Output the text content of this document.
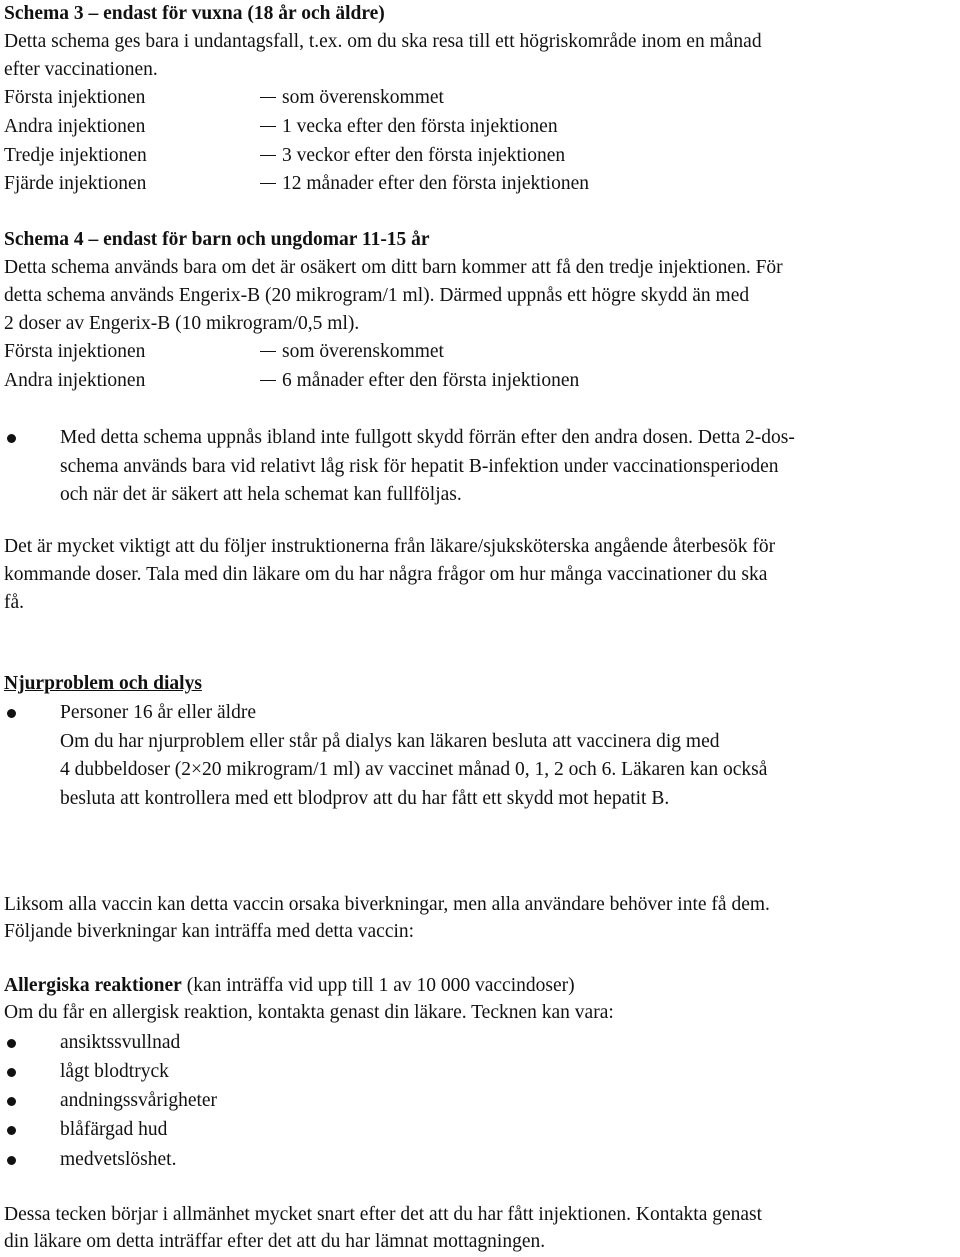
Schema 3 – endast för vuxna (18 år och äldre)
Detta schema ges bara i undantagsfall, t.ex. om du ska resa till ett högriskområde inom en månad
efter vaccinationen.
Första injektionen	som överenskommet
Andra injektionen	1 vecka efter den första injektionen
Tredje injektionen	3 veckor efter den första injektionen
Fjärde injektionen	12 månader efter den första injektionen
Schema 4 – endast för barn och ungdomar 11-15 år
Detta schema används bara om det är osäkert om ditt barn kommer att få den tredje injektionen. För
detta schema används Engerix-B (20 mikrogram/1 ml). Därmed uppnås ett högre skydd än med
2 doser av Engerix-B (10 mikrogram/0,5 ml).
Första injektionen	som överenskommet
Andra injektionen	6 månader efter den första injektionen
Med detta schema uppnås ibland inte fullgott skydd förrän efter den andra dosen. Detta 2-dos-
schema används bara vid relativt låg risk för hepatit B-infektion under vaccinationsperioden
och när det är säkert att hela schemat kan fullföljas.
Det är mycket viktigt att du följer instruktionerna från läkare/sjuksköterska angående återbesök för
kommande doser. Tala med din läkare om du har några frågor om hur många vaccinationer du ska
få.
Njurproblem och dialys
Personer 16 år eller äldre
Om du har njurproblem eller står på dialys kan läkaren besluta att vaccinera dig med
4 dubbeldoser (2×20 mikrogram/1 ml) av vaccinet månad 0, 1, 2 och 6. Läkaren kan också
besluta att kontrollera med ett blodprov att du har fått ett skydd mot hepatit B.
Liksom alla vaccin kan detta vaccin orsaka biverkningar, men alla användare behöver inte få dem.
Följande biverkningar kan inträffa med detta vaccin:
Allergiska reaktioner (kan inträffa vid upp till 1 av 10 000 vaccindoser)
Om du får en allergisk reaktion, kontakta genast din läkare. Tecknen kan vara:
ansiktssvullnad
lågt blodtryck
andningssvårigheter
blåfärgad hud
medvetslöshet.
Dessa tecken börjar i allmänhet mycket snart efter det att du har fått injektionen. Kontakta genast
din läkare om detta inträffar efter det att du har lämnat mottagningen.
